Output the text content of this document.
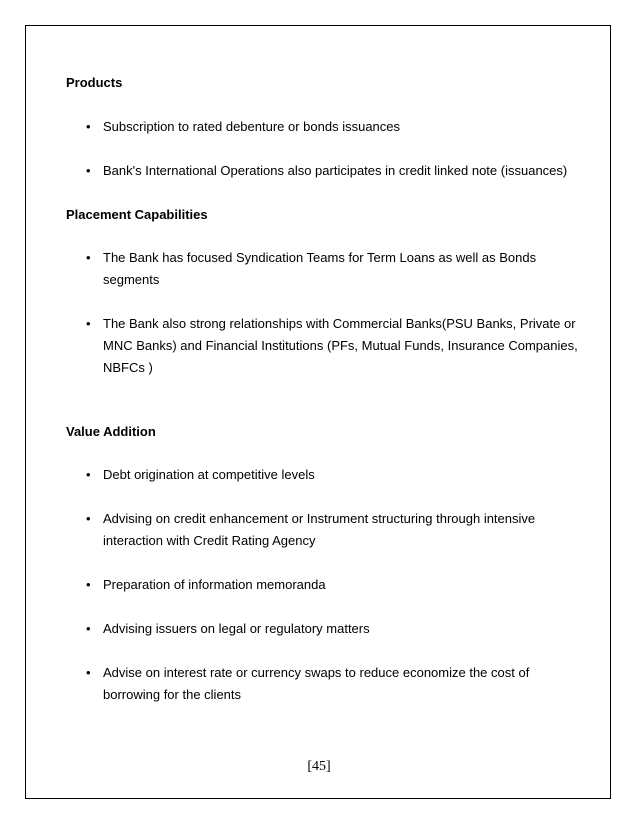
Products
• Subscription to rated debenture or bonds issuances
• Bank's International Operations also participates in credit linked note (issuances)
Placement Capabilities
• The Bank has focused Syndication Teams for Term Loans as well as Bonds segments
• The Bank also strong relationships with Commercial Banks(PSU Banks, Private or MNC Banks) and Financial Institutions (PFs, Mutual Funds, Insurance Companies, NBFCs )
Value Addition
• Debt origination at competitive levels
• Advising on credit enhancement or Instrument structuring through intensive interaction with Credit Rating Agency
• Preparation of information memoranda
• Advising issuers on legal or regulatory matters
• Advise on interest rate or currency swaps to reduce economize the cost of borrowing for the clients
[45]
